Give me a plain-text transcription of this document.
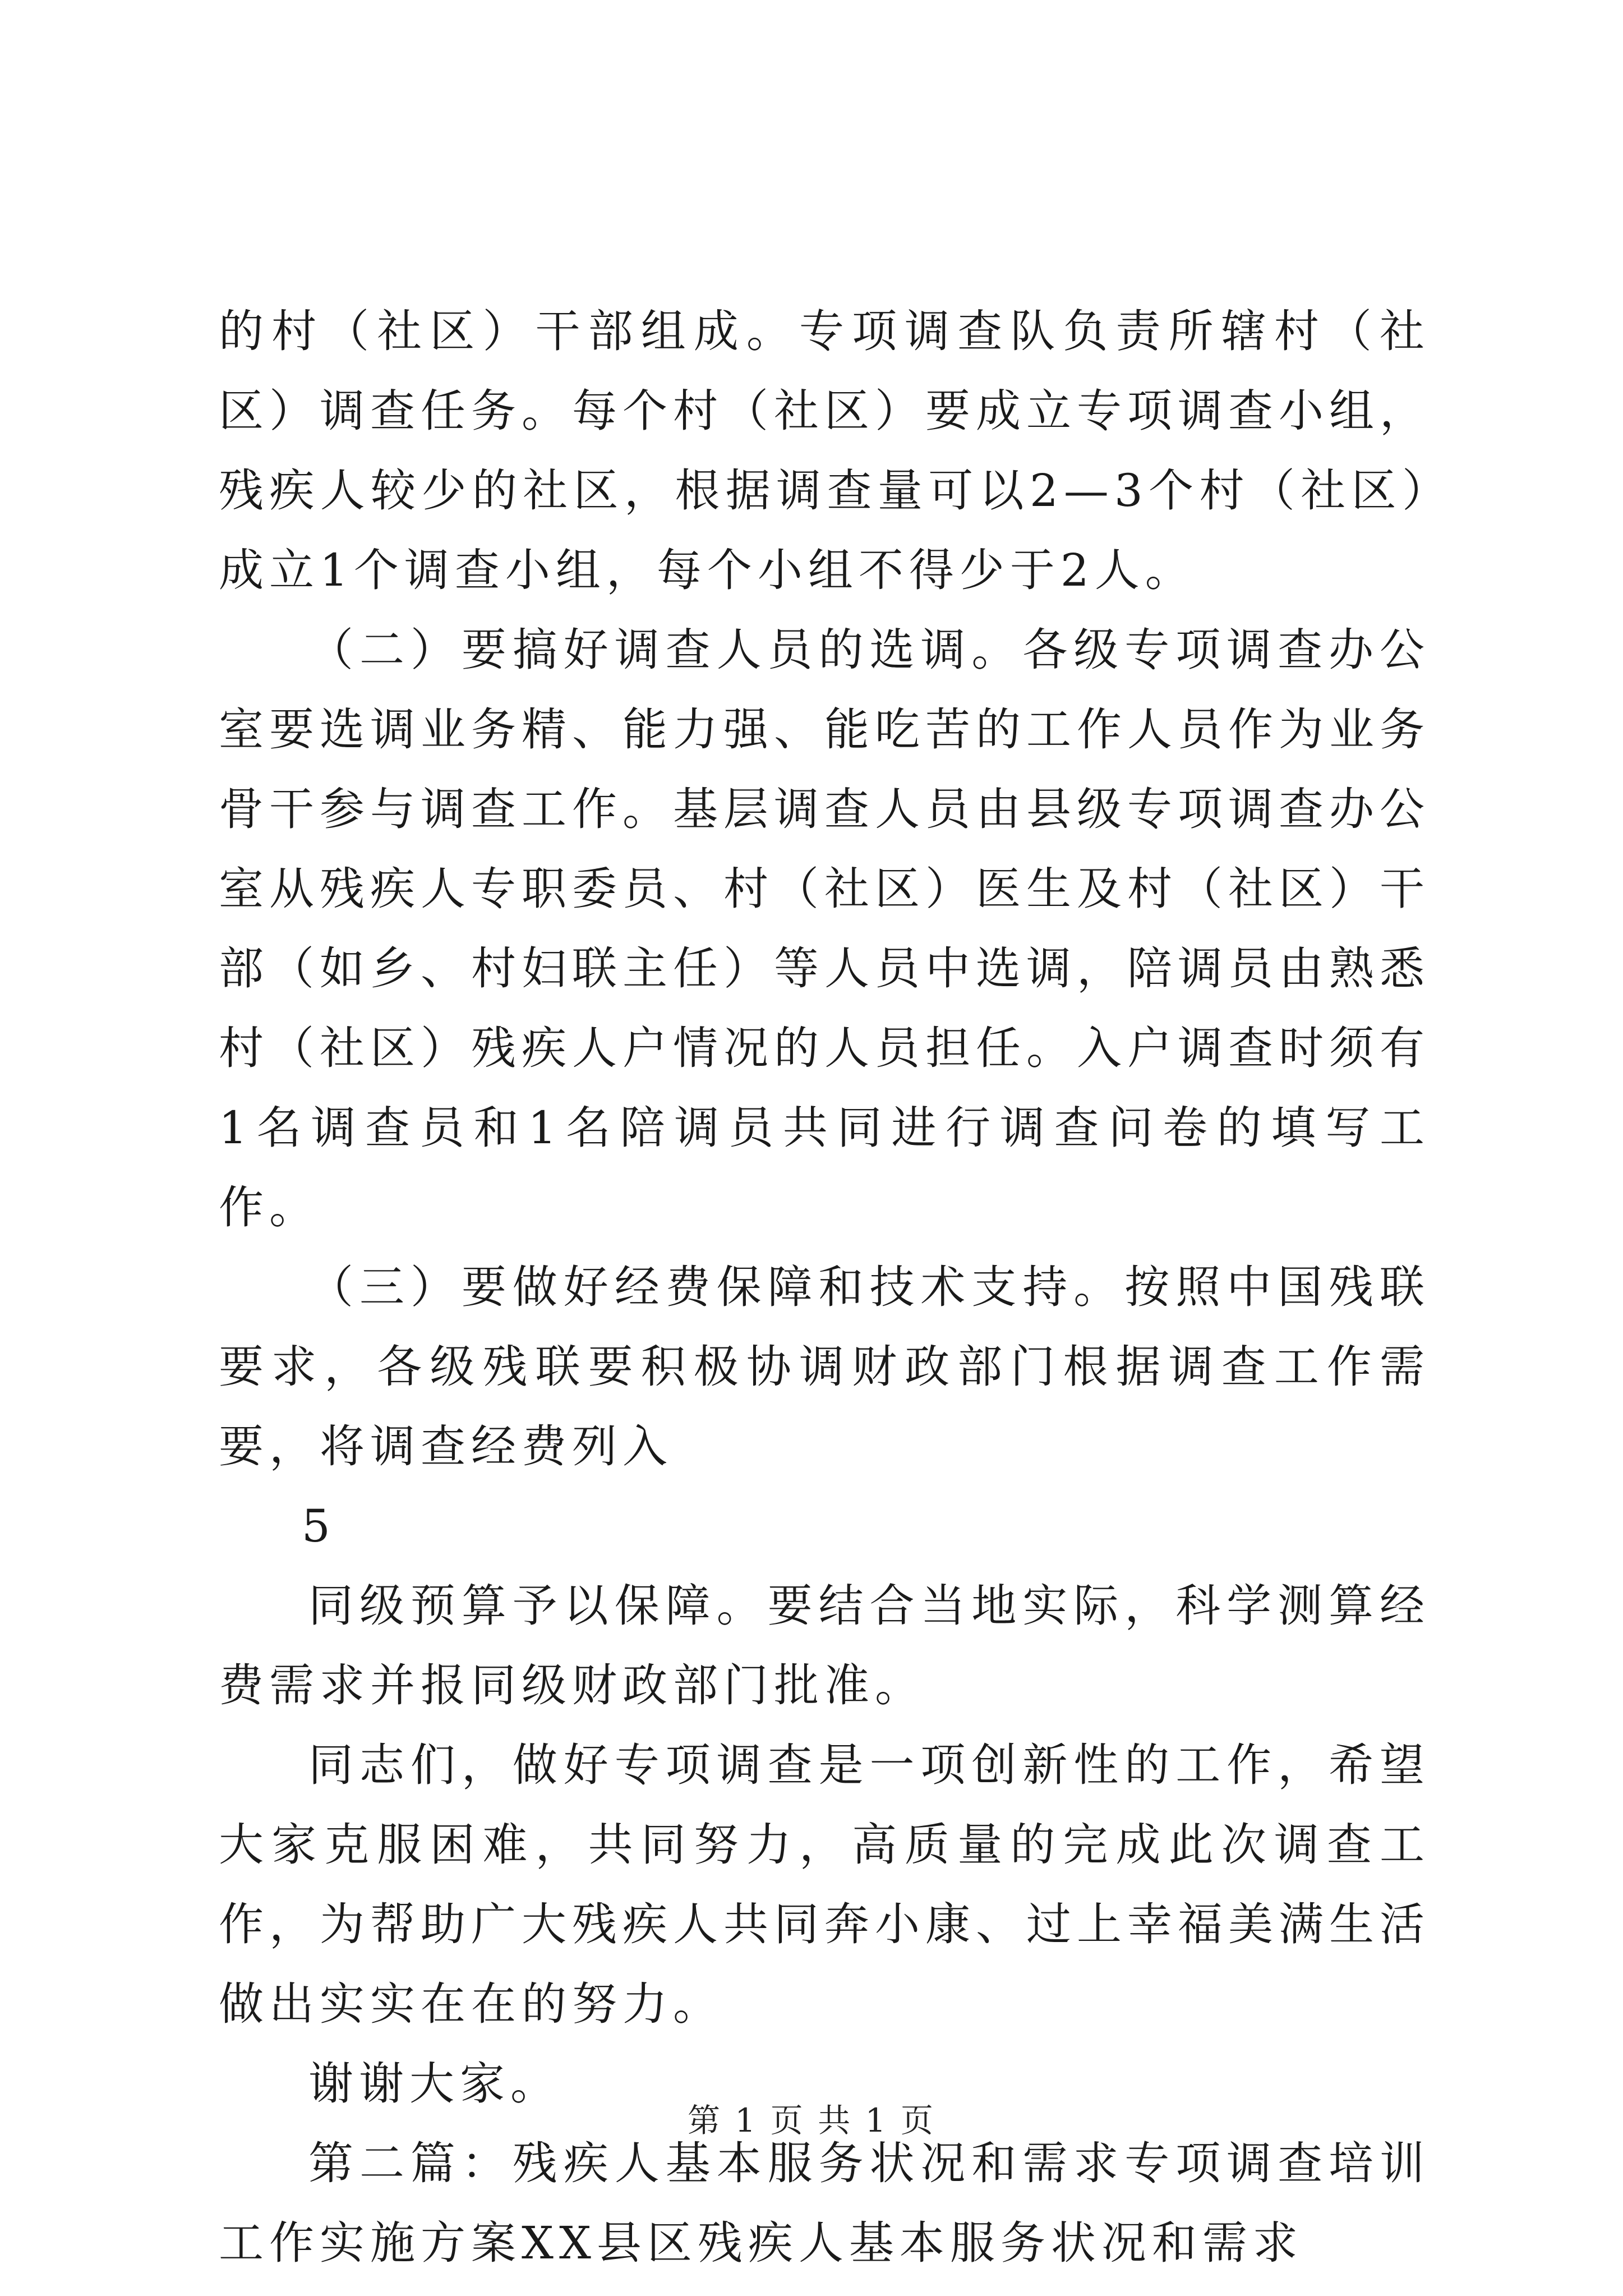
的村（社区）干部组成。专项调查队负责所辖村（社区）调查任务。每个村（社区）要成立专项调查小组，残疾人较少的社区，根据调查量可以2—3个村（社区）成立1个调查小组，每个小组不得少于2人。

（二）要搞好调查人员的选调。各级专项调查办公室要选调业务精、能力强、能吃苦的工作人员作为业务骨干参与调查工作。基层调查人员由县级专项调查办公室从残疾人专职委员、村（社区）医生及村（社区）干部（如乡、村妇联主任）等人员中选调，陪调员由熟悉村（社区）残疾人户情况的人员担任。入户调查时须有1名调查员和1名陪调员共同进行调查问卷的填写工作。

（三）要做好经费保障和技术支持。按照中国残联要求，各级残联要积极协调财政部门根据调查工作需要，将调查经费列入

5

同级预算予以保障。要结合当地实际，科学测算经费需求并报同级财政部门批准。

同志们，做好专项调查是一项创新性的工作，希望大家克服困难，共同努力，高质量的完成此次调查工作，为帮助广大残疾人共同奔小康、过上幸福美满生活做出实实在在的努力。

谢谢大家。

第二篇：残疾人基本服务状况和需求专项调查培训工作实施方案XX县区残疾人基本服务状况和需求

第 1 页 共 1 页
